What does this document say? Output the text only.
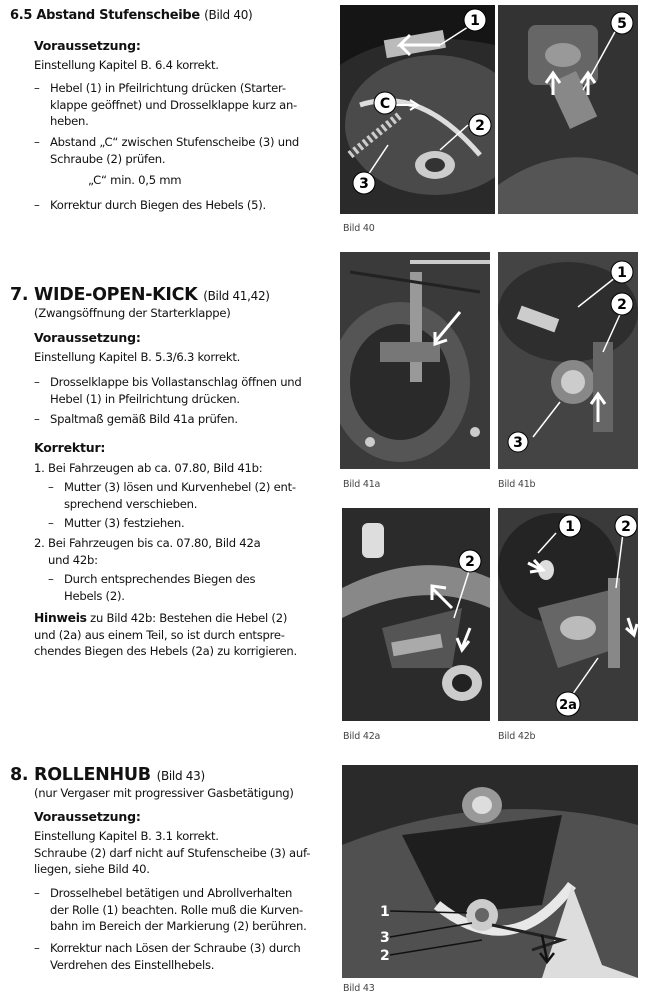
6.5 Abstand Stufenscheibe (Bild 40)
Voraussetzung:
Einstellung Kapitel B. 6.4 korrekt.
– Hebel (1) in Pfeilrichtung drücken (Starter-
klappe geöffnet) und Drosselklappe kurz an-
heben.
– Abstand „C“ zwischen Stufenscheibe (3) und
Schraube (2) prüfen.
„C“ min. 0,5 mm
– Korrektur durch Biegen des Hebels (5).
7. WIDE-OPEN-KICK (Bild 41,42)
(Zwangsöffnung der Starterklappe)
Voraussetzung:
Einstellung Kapitel B. 5.3/6.3 korrekt.
– Drosselklappe bis Vollastanschlag öffnen und
Hebel (1) in Pfeilrichtung drücken.
– Spaltmaß gemäß Bild 41a prüfen.
Korrektur:
1. Bei Fahrzeugen ab ca. 07.80, Bild 41b:
– Mutter (3) lösen und Kurvenhebel (2) ent-
sprechend verschieben.
– Mutter (3) festziehen.
2. Bei Fahrzeugen bis ca. 07.80, Bild 42a
und 42b:
– Durch entsprechendes Biegen des
Hebels (2).
Hinweis zu Bild 42b: Bestehen die Hebel (2)
und (2a) aus einem Teil, so ist durch entspre-
chendes Biegen des Hebels (2a) zu korrigieren.
8. ROLLENHUB (Bild 43)
(nur Vergaser mit progressiver Gasbetätigung)
Voraussetzung:
Einstellung Kapitel B. 3.1 korrekt.
Schraube (2) darf nicht auf Stufenscheibe (3) auf-
liegen, siehe Bild 40.
– Drosselhebel betätigen und Abrollverhalten
der Rolle (1) beachten. Rolle muß die Kurven-
bahn im Bereich der Markierung (2) berühren.
– Korrektur nach Lösen der Schraube (3) durch
Verdrehen des Einstellhebels.
1
C
2
3
5
Bild 40
1
2
3
Bild 41a	Bild 41b
2
1	2
2a
Bild 42a	Bild 42b
1
3
2
Bild 43
